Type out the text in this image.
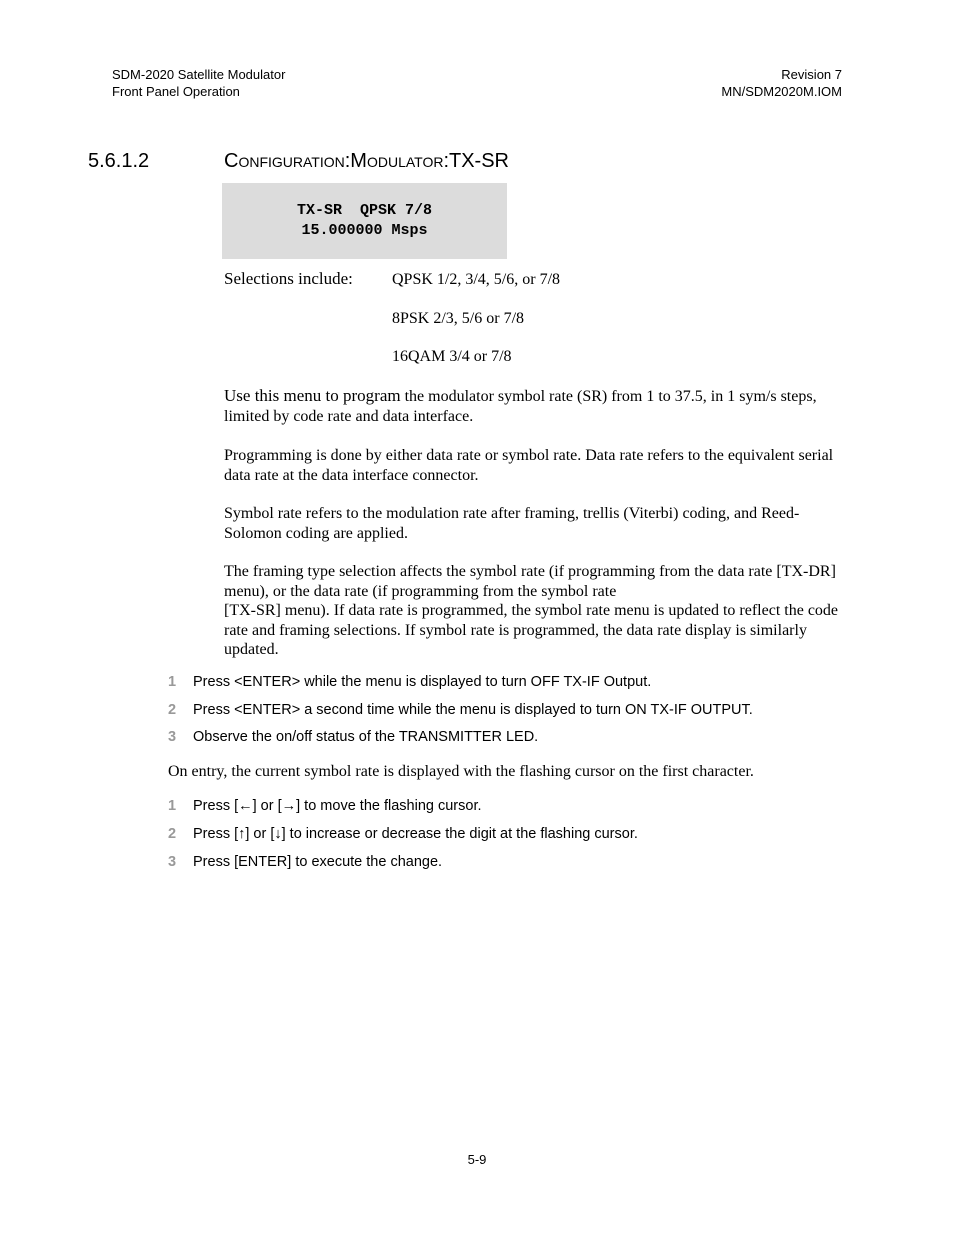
SDM-2020 Satellite Modulator
Front Panel Operation
Revision 7
MN/SDM2020M.IOM
5.6.1.2	Configuration:Modulator:TX-SR
TX-SR  QPSK 7/8
15.000000 Msps
Selections include: QPSK 1/2, 3/4, 5/6, or 7/8
8PSK 2/3, 5/6 or 7/8
16QAM 3/4 or 7/8
Use this menu to program the modulator symbol rate (SR) from 1 to 37.5, in 1 sym/s steps, limited by code rate and data interface.
Programming is done by either data rate or symbol rate. Data rate refers to the equivalent serial data rate at the data interface connector.
Symbol rate refers to the modulation rate after framing, trellis (Viterbi) coding, and Reed-Solomon coding are applied.
The framing type selection affects the symbol rate (if programming from the data rate [TX-DR] menu), or the data rate (if programming from the symbol rate
[TX-SR] menu). If data rate is programmed, the symbol rate menu is updated to reflect the code rate and framing selections. If symbol rate is programmed, the data rate display is similarly updated.
1 Press <ENTER> while the menu is displayed to turn OFF TX-IF Output.
2 Press <ENTER> a second time while the menu is displayed to turn ON TX-IF OUTPUT.
3 Observe the on/off status of the TRANSMITTER LED.
On entry, the current symbol rate is displayed with the flashing cursor on the first character.
1 Press [←] or [→] to move the flashing cursor.
2 Press [↑] or [↓] to increase or decrease the digit at the flashing cursor.
3 Press [ENTER] to execute the change.
5-9
